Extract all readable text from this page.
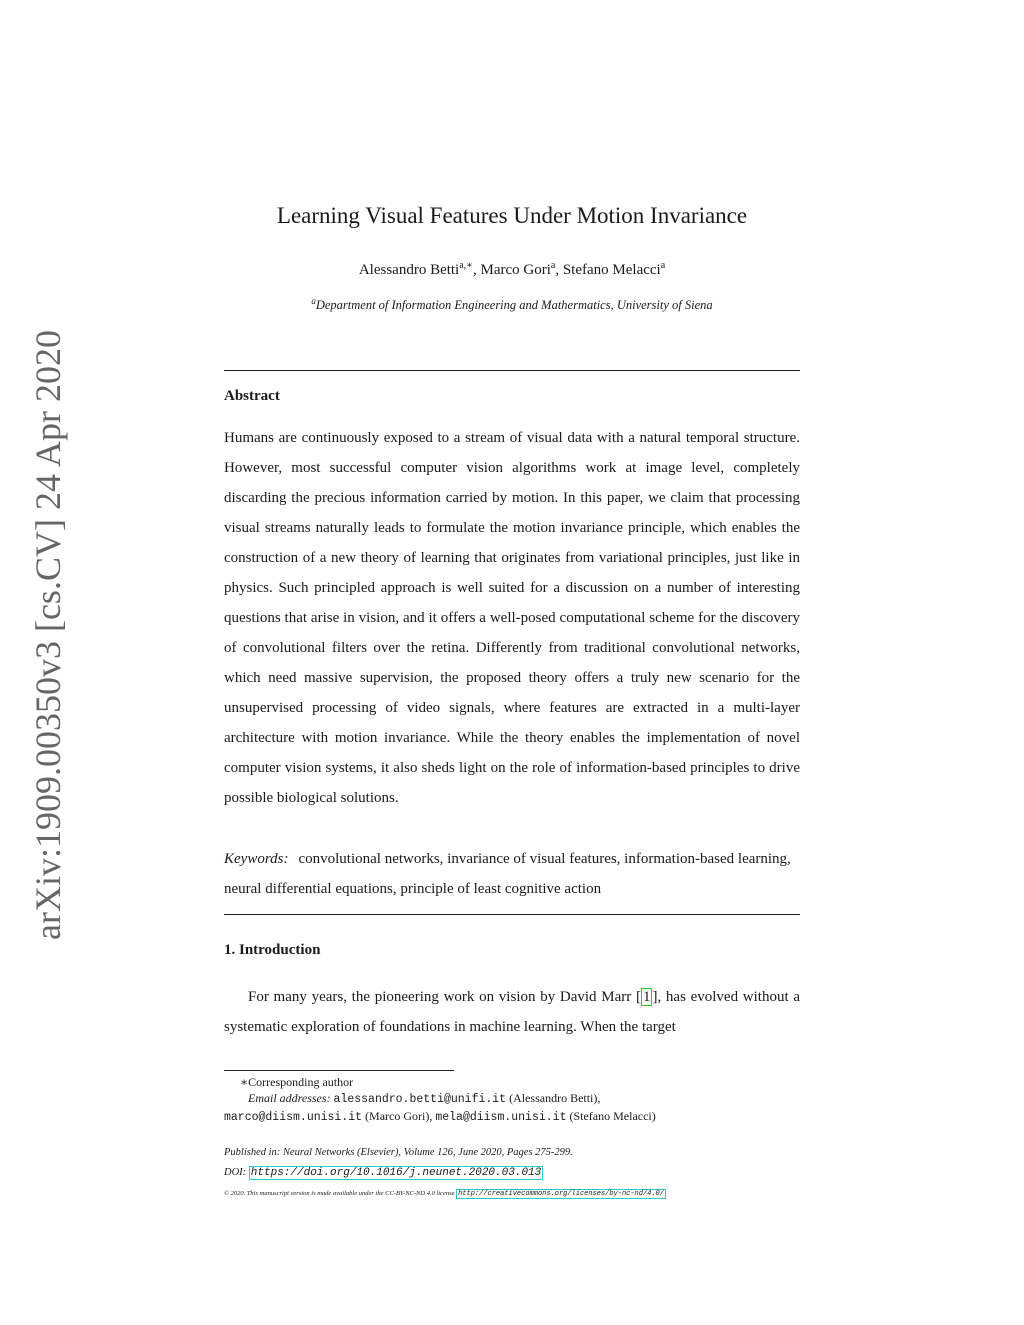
arXiv:1909.00350v3 [cs.CV] 24 Apr 2020
Learning Visual Features Under Motion Invariance
Alessandro Betti$^{a,∗}$, Marco Gori$^a$, Stefano Melacci$^a$
$^a$Department of Information Engineering and Mathermatics, University of Siena
Abstract
Humans are continuously exposed to a stream of visual data with a natural temporal structure. However, most successful computer vision algorithms work at image level, completely discarding the precious information carried by motion. In this paper, we claim that processing visual streams naturally leads to formulate the motion invariance principle, which enables the construction of a new theory of learning that originates from variational principles, just like in physics. Such principled approach is well suited for a discussion on a number of interesting questions that arise in vision, and it offers a well-posed computational scheme for the discovery of convolutional filters over the retina. Differently from traditional convolutional networks, which need massive supervision, the proposed theory offers a truly new scenario for the unsupervised processing of video signals, where features are extracted in a multi-layer architecture with motion invariance. While the theory enables the implementation of novel computer vision systems, it also sheds light on the role of information-based principles to drive possible biological solutions.
Keywords: convolutional networks, invariance of visual features, information-based learning, neural differential equations, principle of least cognitive action
1. Introduction
For many years, the pioneering work on vision by David Marr [ 1 ], has evolved without a systematic exploration of foundations in machine learning. When the target
∗Corresponding author
Email addresses: alessandro.betti@unifi.it (Alessandro Betti),
marco@diism.unisi.it (Marco Gori), mela@diism.unisi.it (Stefano Melacci)
Published in: Neural Networks (Elsevier), Volume 126, June 2020, Pages 275-299.
DOI: https://doi.org/10.1016/j.neunet.2020.03.013
© 2020. This manuscript version is made available under the CC-BY-NC-ND 4.0 license http://creativecommons.org/licenses/by-nc-nd/4.0/
